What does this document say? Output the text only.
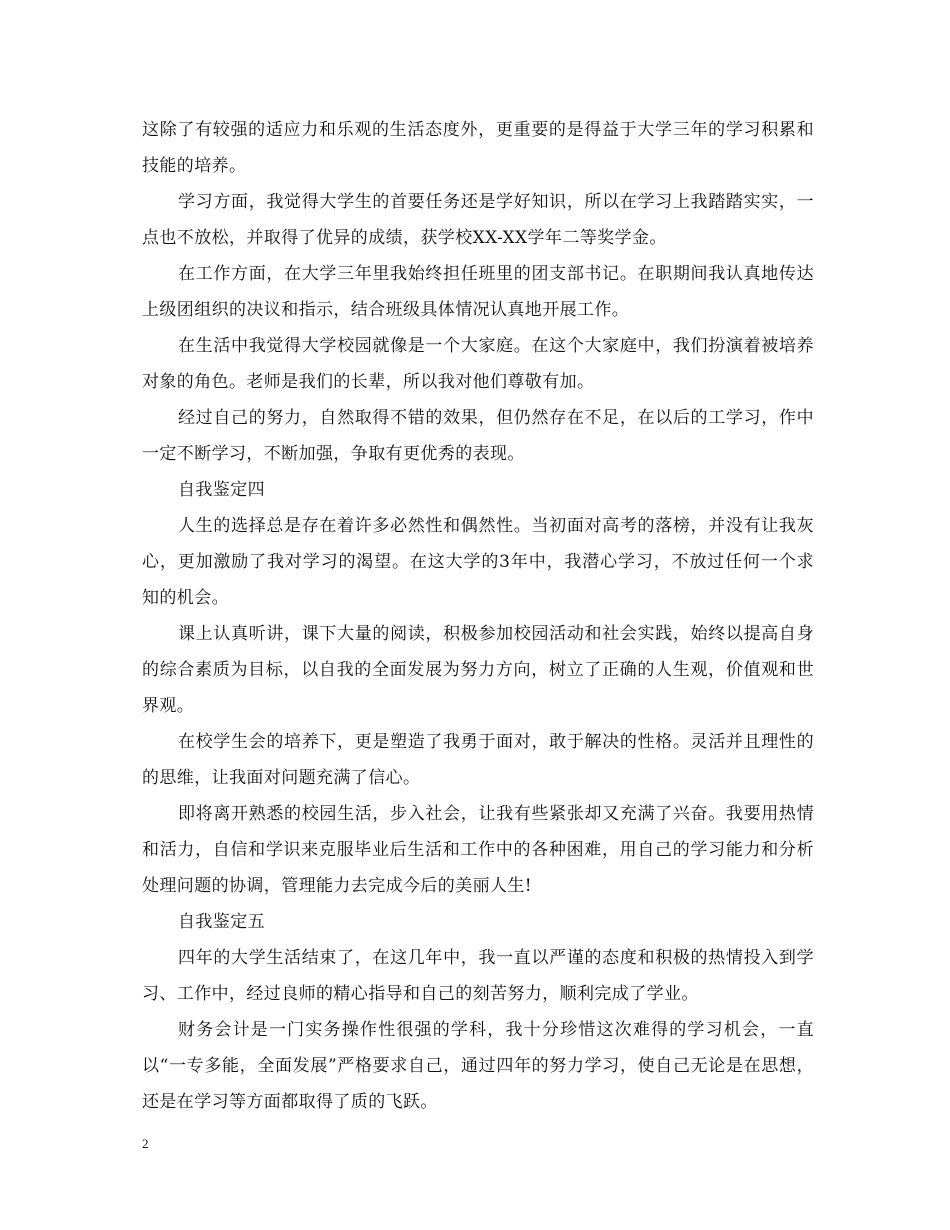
这除了有较强的适应力和乐观的生活态度外，更重要的是得益于大学三年的学习积累和技能的培养。

学习方面，我觉得大学生的首要任务还是学好知识，所以在学习上我踏踏实实，一点也不放松，并取得了优异的成绩，获学校XX-XX学年二等奖学金。

在工作方面，在大学三年里我始终担任班里的团支部书记。在职期间我认真地传达上级团组织的决议和指示，结合班级具体情况认真地开展工作。

在生活中我觉得大学校园就像是一个大家庭。在这个大家庭中，我们扮演着被培养对象的角色。老师是我们的长辈，所以我对他们尊敬有加。

经过自己的努力，自然取得不错的效果，但仍然存在不足，在以后的工学习，作中一定不断学习，不断加强，争取有更优秀的表现。

自我鉴定四

人生的选择总是存在着许多必然性和偶然性。当初面对高考的落榜，并没有让我灰心，更加激励了我对学习的渴望。在这大学的3年中，我潜心学习，不放过任何一个求知的机会。

课上认真听讲，课下大量的阅读，积极参加校园活动和社会实践，始终以提高自身的综合素质为目标，以自我的全面发展为努力方向，树立了正确的人生观，价值观和世界观。

在校学生会的培养下，更是塑造了我勇于面对，敢于解决的性格。灵活并且理性的的思维，让我面对问题充满了信心。

即将离开熟悉的校园生活，步入社会，让我有些紧张却又充满了兴奋。我要用热情和活力，自信和学识来克服毕业后生活和工作中的各种困难，用自己的学习能力和分析处理问题的协调，管理能力去完成今后的美丽人生!

自我鉴定五

四年的大学生活结束了，在这几年中，我一直以严谨的态度和积极的热情投入到学习、工作中，经过良师的精心指导和自己的刻苦努力，顺利完成了学业。

财务会计是一门实务操作性很强的学科，我十分珍惜这次难得的学习机会，一直以“一专多能，全面发展”严格要求自己，通过四年的努力学习，使自己无论是在思想，还是在学习等方面都取得了质的飞跃。

2
